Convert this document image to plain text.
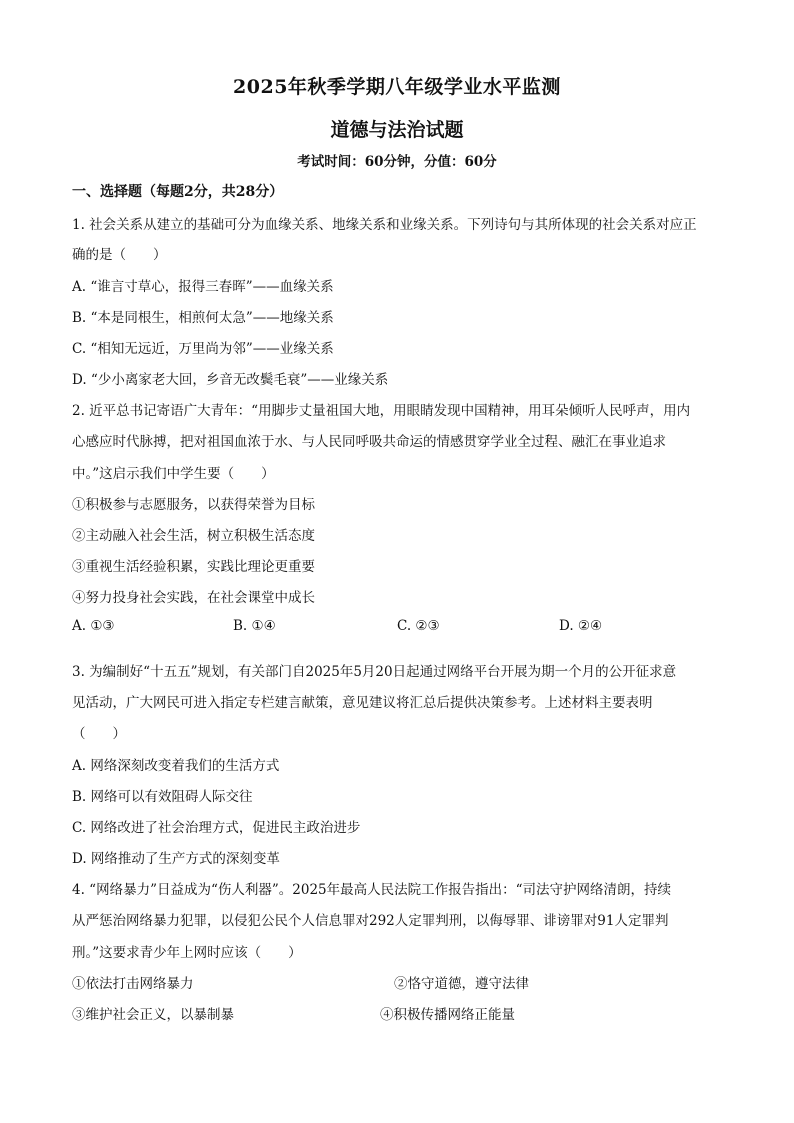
2025年秋季学期八年级学业水平监测
道德与法治试题
考试时间：60分钟，分值：60分
一、选择题（每题2分，共28分）
1. 社会关系从建立的基础可分为血缘关系、地缘关系和业缘关系。下列诗句与其所体现的社会关系对应正
确的是（　　）
A. “谁言寸草心，报得三春晖”——血缘关系
B. “本是同根生，相煎何太急”——地缘关系
C. “相知无远近，万里尚为邻”——业缘关系
D. “少小离家老大回，乡音无改鬓毛衰”——业缘关系
2. 近平总书记寄语广大青年：“用脚步丈量祖国大地，用眼睛发现中国精神，用耳朵倾听人民呼声，用内
心感应时代脉搏，把对祖国血浓于水、与人民同呼吸共命运的情感贯穿学业全过程、融汇在事业追求
中。”这启示我们中学生要（　　）
①积极参与志愿服务，以获得荣誉为目标
②主动融入社会生活，树立积极生活态度
③重视生活经验积累，实践比理论更重要
④努力投身社会实践，在社会课堂中成长
A. ①③	B. ①④	C. ②③	D. ②④
3. 为编制好“十五五”规划，有关部门自2025年5月20日起通过网络平台开展为期一个月的公开征求意
见活动，广大网民可进入指定专栏建言献策，意见建议将汇总后提供决策参考。上述材料主要表明
（　　）
A. 网络深刻改变着我们的生活方式
B. 网络可以有效阻碍人际交往
C. 网络改进了社会治理方式，促进民主政治进步
D. 网络推动了生产方式的深刻变革
4. “网络暴力”日益成为“伤人利器”。2025年最高人民法院工作报告指出：“司法守护网络清朗，持续
从严惩治网络暴力犯罪，以侵犯公民个人信息罪对292人定罪判刑，以侮辱罪、诽谤罪对91人定罪判
刑。”这要求青少年上网时应该（　　）
①依法打击网络暴力	②恪守道德，遵守法律
③维护社会正义，以暴制暴	④积极传播网络正能量
